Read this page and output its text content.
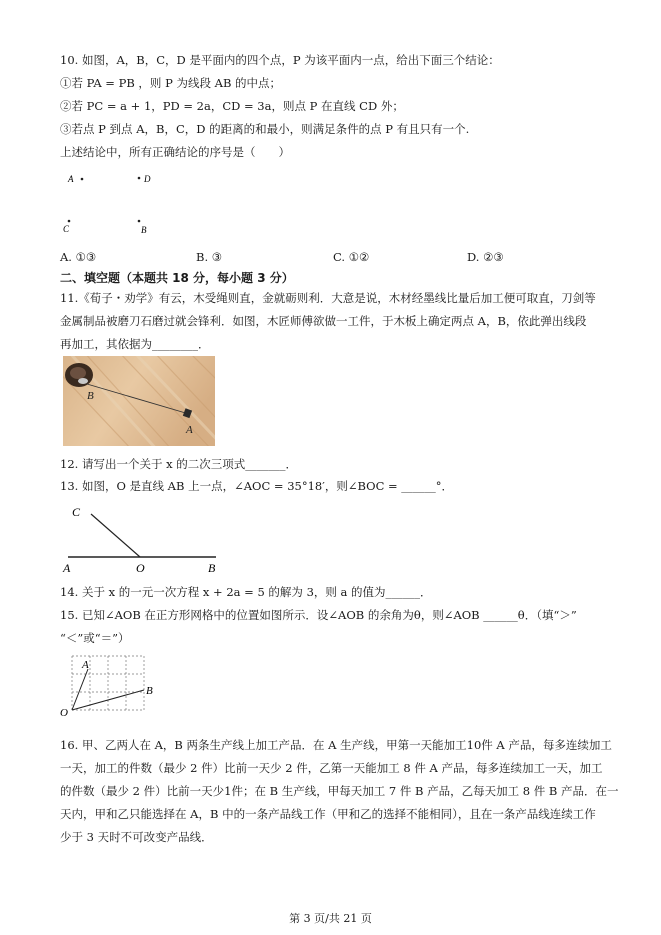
10. 如图，A，B，C，D 是平面内的四个点，P 为该平面内一点，给出下面三个结论：
①若 PA = PB ，则 P 为线段 AB 的中点；
②若 PC = a + 1，PD = 2a，CD = 3a，则点 P 在直线 CD 外；
③若点 P 到点 A，B，C，D 的距离的和最小，则满足条件的点 P 有且只有一个.
上述结论中，所有正确结论的序号是（　　）
A	D
C	B
A. ①③	B. ③	C. ①②	D. ②③
二、填空题（本题共 18 分，每小题 3 分）
11.《荀子・劝学》有云，木受绳则直，金就砺则利．大意是说，木材经墨线比量后加工便可取直，刀剑等
金属制品被磨刀石磨过就会锋利．如图，木匠师傅欲做一工件，于木板上确定两点 A，B，依此弹出线段
再加工，其依据为________．
B
A
12. 请写出一个关于 x 的二次三项式_______．
13. 如图，O 是直线 AB 上一点，∠AOC = 35°18′，则∠BOC = ______°．
C
A	O	B
14. 关于 x 的一元一次方程 x + 2a = 5 的解为 3，则 a 的值为______．
15. 已知∠AOB 在正方形网格中的位置如图所示．设∠AOB 的余角为θ，则∠AOB ______θ．（填“＞”
“＜”或“＝”）
A
B
O
16. 甲、乙两人在 A，B 两条生产线上加工产品．在 A 生产线，甲第一天能加工10件 A 产品，每多连续加工
一天，加工的件数（最少 2 件）比前一天少 2 件，乙第一天能加工 8 件 A 产品，每多连续加工一天，加工
的件数（最少 2 件）比前一天少1件；在 B 生产线，甲每天加工 7 件 B 产品，乙每天加工 8 件 B 产品．在一
天内，甲和乙只能选择在 A，B 中的一条产品线工作（甲和乙的选择不能相同），且在一条产品线连续工作
少于 3 天时不可改变产品线．
第 3 页/共 21 页
